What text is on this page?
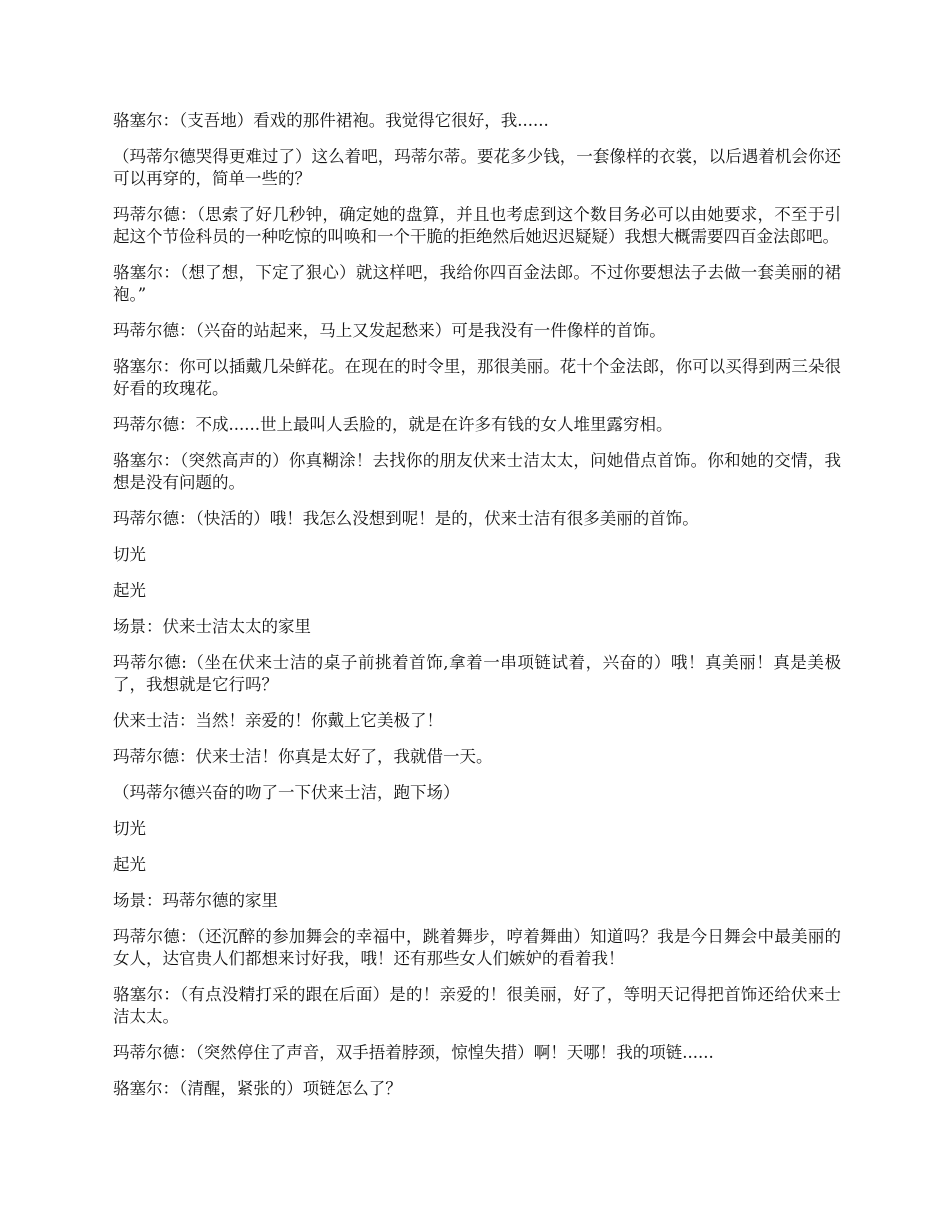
骆塞尔：（支吾地）看戏的那件裙袍。我觉得它很好，我......

（玛蒂尔德哭得更难过了）这么着吧，玛蒂尔蒂。要花多少钱，一套像样的衣裳，以后遇着机会你还可以再穿的，简单一些的？

玛蒂尔德：（思索了好几秒钟，确定她的盘算，并且也考虑到这个数目务必可以由她要求，不至于引起这个节俭科员的一种吃惊的叫唤和一个干脆的拒绝然后她迟迟疑疑）我想大概需要四百金法郎吧。

骆塞尔：（想了想，下定了狠心）就这样吧，我给你四百金法郎。不过你要想法子去做一套美丽的裙袍。”

玛蒂尔德：（兴奋的站起来，马上又发起愁来）可是我没有一件像样的首饰。

骆塞尔：你可以插戴几朵鲜花。在现在的时令里，那很美丽。花十个金法郎，你可以买得到两三朵很好看的玫瑰花。

玛蒂尔德：不成......世上最叫人丢脸的，就是在许多有钱的女人堆里露穷相。

骆塞尔：（突然高声的）你真糊涂！去找你的朋友伏来士洁太太，问她借点首饰。你和她的交情，我想是没有问题的。

玛蒂尔德：（快活的）哦！我怎么没想到呢！是的，伏来士洁有很多美丽的首饰。

切光

起光

场景：伏来士洁太太的家里

玛蒂尔德:（坐在伏来士洁的桌子前挑着首饰,拿着一串项链试着，兴奋的）哦！真美丽！真是美极了，我想就是它行吗？

伏来士洁：当然！亲爱的！你戴上它美极了！

玛蒂尔德：伏来士洁！你真是太好了，我就借一天。

（玛蒂尔德兴奋的吻了一下伏来士洁，跑下场）

切光

起光

场景：玛蒂尔德的家里

玛蒂尔德：（还沉醉的参加舞会的幸福中，跳着舞步，哼着舞曲）知道吗？我是今日舞会中最美丽的女人，达官贵人们都想来讨好我，哦！还有那些女人们嫉妒的看着我！

骆塞尔：（有点没精打采的跟在后面）是的！亲爱的！很美丽，好了，等明天记得把首饰还给伏来士洁太太。

玛蒂尔德：（突然停住了声音，双手捂着脖颈，惊惶失措）啊！天哪！我的项链......

骆塞尔：（清醒，紧张的）项链怎么了？
